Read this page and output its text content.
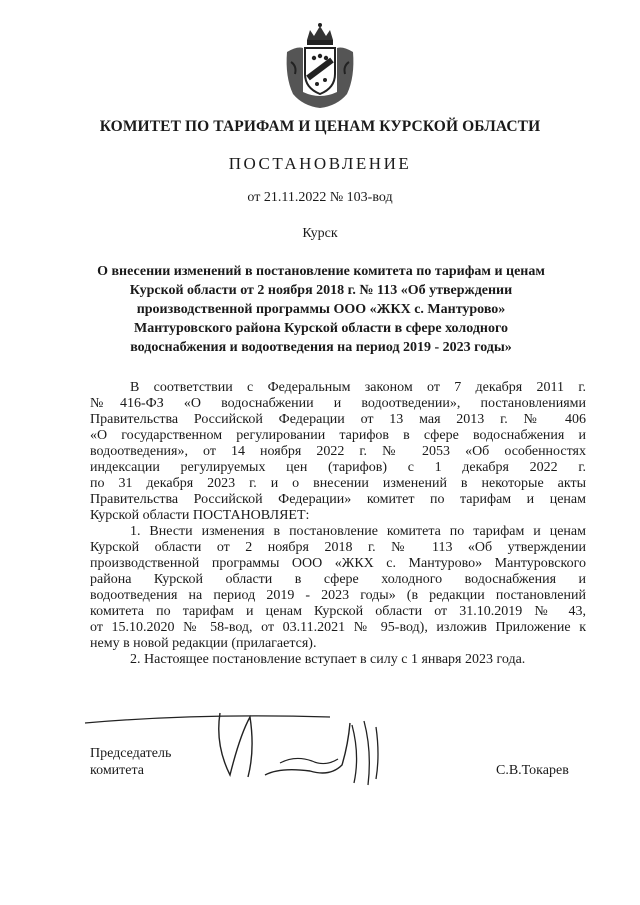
КОМИТЕТ ПО ТАРИФАМ И ЦЕНАМ КУРСКОЙ ОБЛАСТИ
ПОСТАНОВЛЕНИЕ
от 21.11.2022 № 103-вод
Курск
О внесении изменений в постановление комитета по тарифам и ценам
Курской области от 2 ноября 2018 г. № 113 «Об утверждении
производственной программы ООО «ЖКХ с. Мантурово»
Мантуровского района Курской области в сфере холодного
водоснабжения и водоотведения на период 2019 - 2023 годы»
В соответствии с Федеральным законом от 7 декабря 2011 г.
№416-ФЗ «О водоснабжении и водоотведении», постановлениями
Правительства Российской Федерации от 13 мая 2013 г. № 406
«О государственном регулировании тарифов в сфере водоснабжения и
водоотведения», от 14 ноября 2022 г. № 2053 «Об особенностях
индексации регулируемых цен (тарифов) с 1 декабря 2022 г.
по 31 декабря 2023 г. и о внесении изменений в некоторые акты
Правительства Российской Федерации» комитет по тарифам и ценам
Курской области ПОСТАНОВЛЯЕТ:
1. Внести изменения в постановление комитета по тарифам и ценам
Курской области от 2 ноября 2018 г. № 113 «Об утверждении
производственной программы ООО «ЖКХ с. Мантурово» Мантуровского
района Курской области в сфере холодного водоснабжения и
водоотведения на период 2019 - 2023 годы» (в редакции постановлений
комитета по тарифам и ценам Курской области от 31.10.2019 № 43,
от 15.10.2020 № 58-вод, от 03.11.2021 № 95-вод), изложив Приложение к
нему в новой редакции (прилагается).
2. Настоящее постановление вступает в силу с 1 января 2023 года.
Председатель
комитета	С.В.Токарев
